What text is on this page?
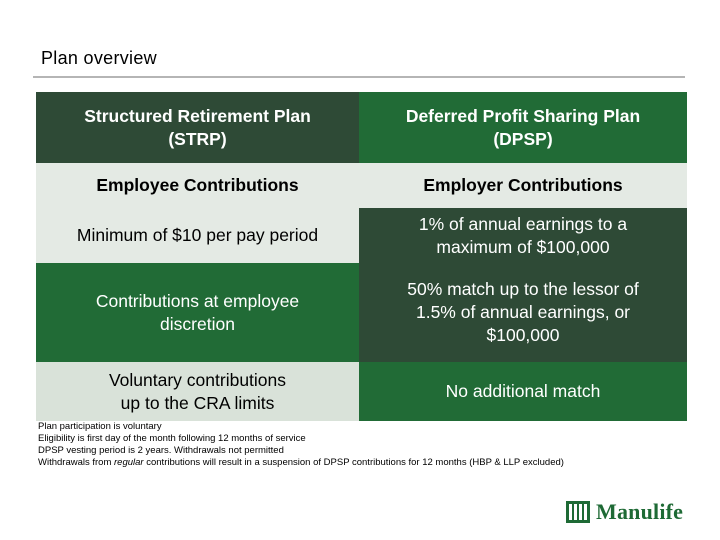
Plan overview
Structured Retirement Plan (STRP)
Deferred Profit Sharing Plan (DPSP)
Employee Contributions	Employer Contributions
Minimum of $10 per pay period
1% of annual earnings to a maximum of $100,000
Contributions at employee discretion
50% match up to the lessor of 1.5% of annual earnings, or $100,000
Voluntary contributions up to the CRA limits
No additional match
Plan participation is voluntary
Eligibility is first day of the month following 12 months of service
DPSP vesting period is 2 years. Withdrawals not permitted
Withdrawals from regular contributions will result in a suspension of DPSP contributions for 12 months (HBP & LLP excluded)
Manulife
